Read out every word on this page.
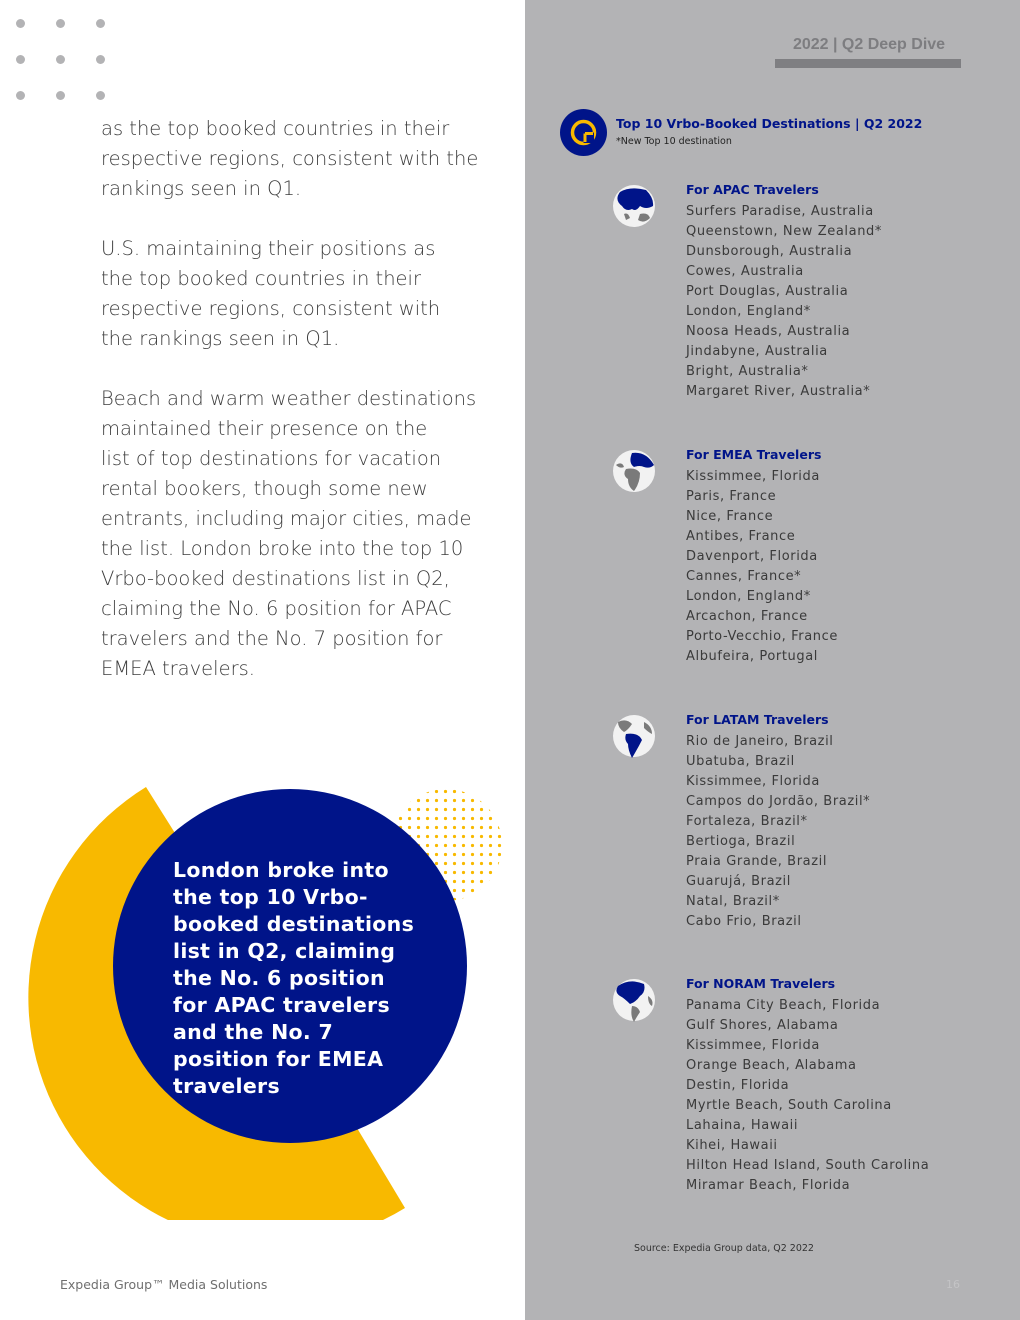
as the top booked countries in their
respective regions, consistent with the
rankings seen in Q1.

U.S. maintaining their positions as
the top booked countries in their
respective regions, consistent with
the rankings seen in Q1.

Beach and warm weather destinations
maintained their presence on the
list of top destinations for vacation
rental bookers, though some new
entrants, including major cities, made
the list. London broke into the top 10
Vrbo-booked destinations list in Q2,
claiming the No. 6 position for APAC
travelers and the No. 7 position for
EMEA travelers.

London broke into the top 10 Vrbo-booked destinations list in Q2, claiming the No. 6 position for APAC travelers and the No. 7 position for EMEA travelers
2022 | Q2 Deep Dive
Top 10 Vrbo-Booked Destinations | Q2 2022
*New Top 10 destination
For APAC Travelers
Surfers Paradise, Australia
Queenstown, New Zealand*
Dunsborough, Australia
Cowes, Australia
Port Douglas, Australia
London, England*
Noosa Heads, Australia
Jindabyne, Australia
Bright, Australia*
Margaret River, Australia*
For EMEA Travelers
Kissimmee, Florida
Paris, France
Nice, France
Antibes, France
Davenport, Florida
Cannes, France*
London, England*
Arcachon, France
Porto-Vecchio, France
Albufeira, Portugal
For LATAM Travelers
Rio de Janeiro, Brazil
Ubatuba, Brazil
Kissimmee, Florida
Campos do Jordão, Brazil*
Fortaleza, Brazil*
Bertioga, Brazil
Praia Grande, Brazil
Guarujá, Brazil
Natal, Brazil*
Cabo Frio, Brazil
For NORAM Travelers
Panama City Beach, Florida
Gulf Shores, Alabama
Kissimmee, Florida
Orange Beach, Alabama
Destin, Florida
Myrtle Beach, South Carolina
Lahaina, Hawaii
Kihei, Hawaii
Hilton Head Island, South Carolina
Miramar Beach, Florida
Source: Expedia Group data, Q2 2022
Expedia Group™ Media Solutions	16
